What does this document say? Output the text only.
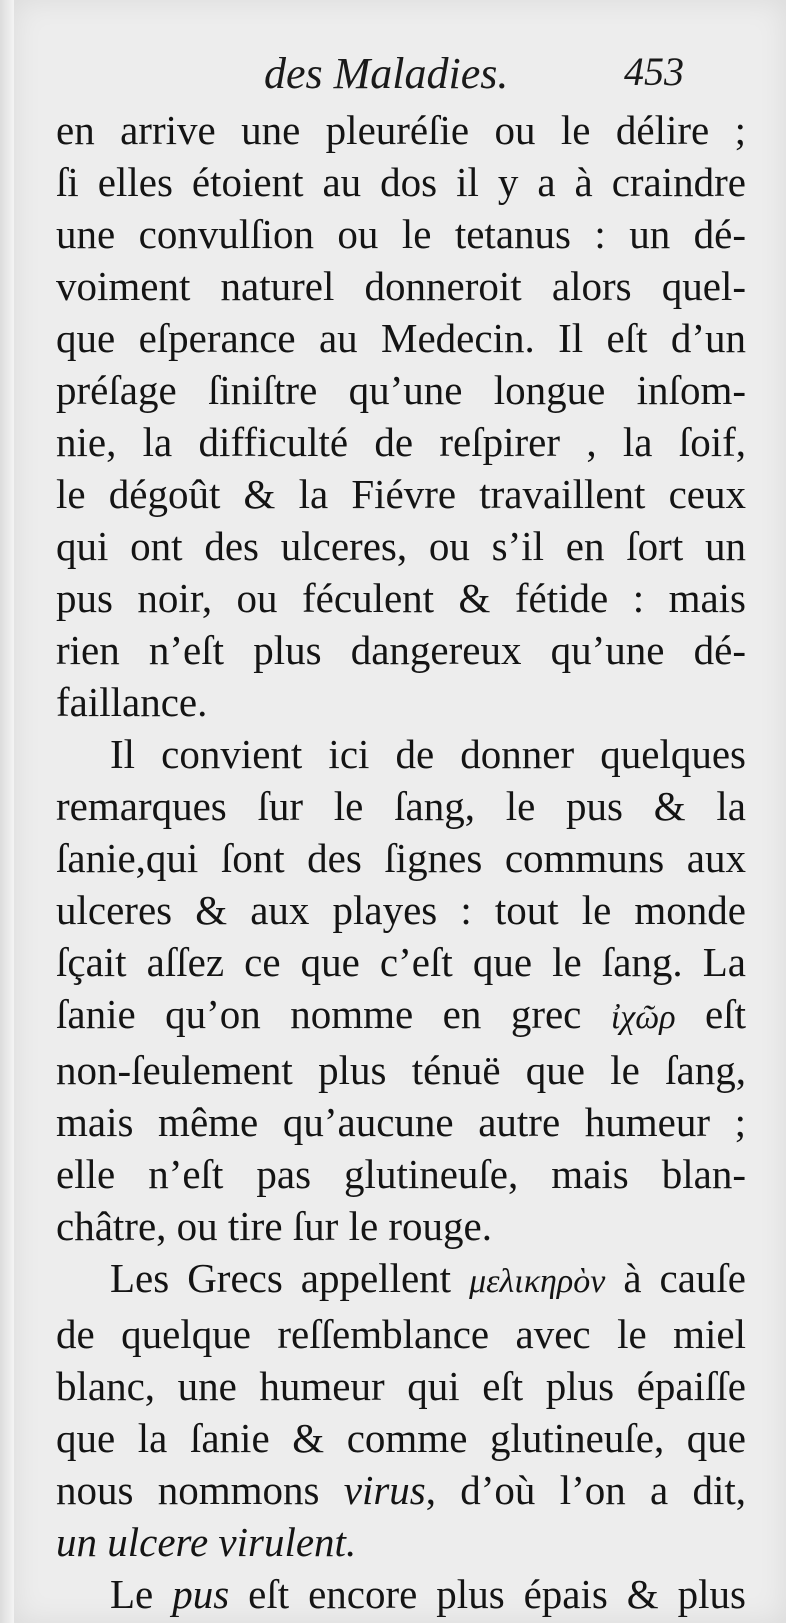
des Maladies.	453
en arrive une pleuréſie ou le délire ;
ſi elles étoient au dos il y a à craindre
une convulſion ou le tetanus : un dé-
voiment naturel donneroit alors quel-
que eſperance au Medecin. Il eſt d’un
préſage ſiniſtre qu’une longue inſom-
nie, la difficulté de reſpirer , la ſoif,
le dégoût & la Fiévre travaillent ceux
qui ont des ulceres, ou s’il en ſort un
pus noir, ou féculent & fétide : mais
rien n’eſt plus dangereux qu’une dé-
faillance.
Il convient ici de donner quelques
remarques ſur le ſang, le pus & la
ſanie,qui ſont des ſignes communs aux
ulceres & aux playes : tout le monde
ſçait aſſez ce que c’eſt que le ſang. La
ſanie qu’on nomme en grec ἰχῶρ eſt
non-ſeulement plus ténuë que le ſang,
mais même qu’aucune autre humeur ;
elle n’eſt pas glutineuſe, mais blan-
châtre, ou tire ſur le rouge.
Les Grecs appellent μελικηρὸν à cauſe
de quelque reſſemblance avec le miel
blanc, une humeur qui eſt plus épaiſſe
que la ſanie & comme glutineuſe, que
nous nommons virus, d’où l’on a dit,
un ulcere virulent.
Le pus eſt encore plus épais & plus
